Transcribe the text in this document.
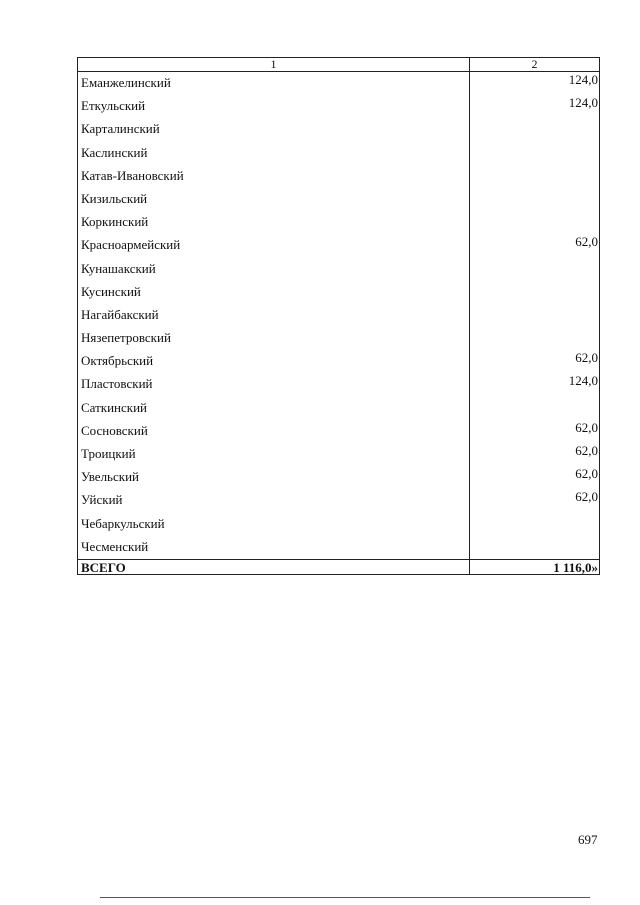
1	2
Еманжелинский	124,0
Еткульский	124,0
Карталинский	
Каслинский	
Катав-Ивановский	
Кизильский	
Коркинский	
Красноармейский	62,0
Кунашакский	
Кусинский	
Нагайбакский	
Нязепетровский	
Октябрьский	62,0
Пластовский	124,0
Саткинский	
Сосновский	62,0
Троицкий	62,0
Увельский	62,0
Уйский	62,0
Чебаркульский	
Чесменский	
ВСЕГО	1 116,0»
697
